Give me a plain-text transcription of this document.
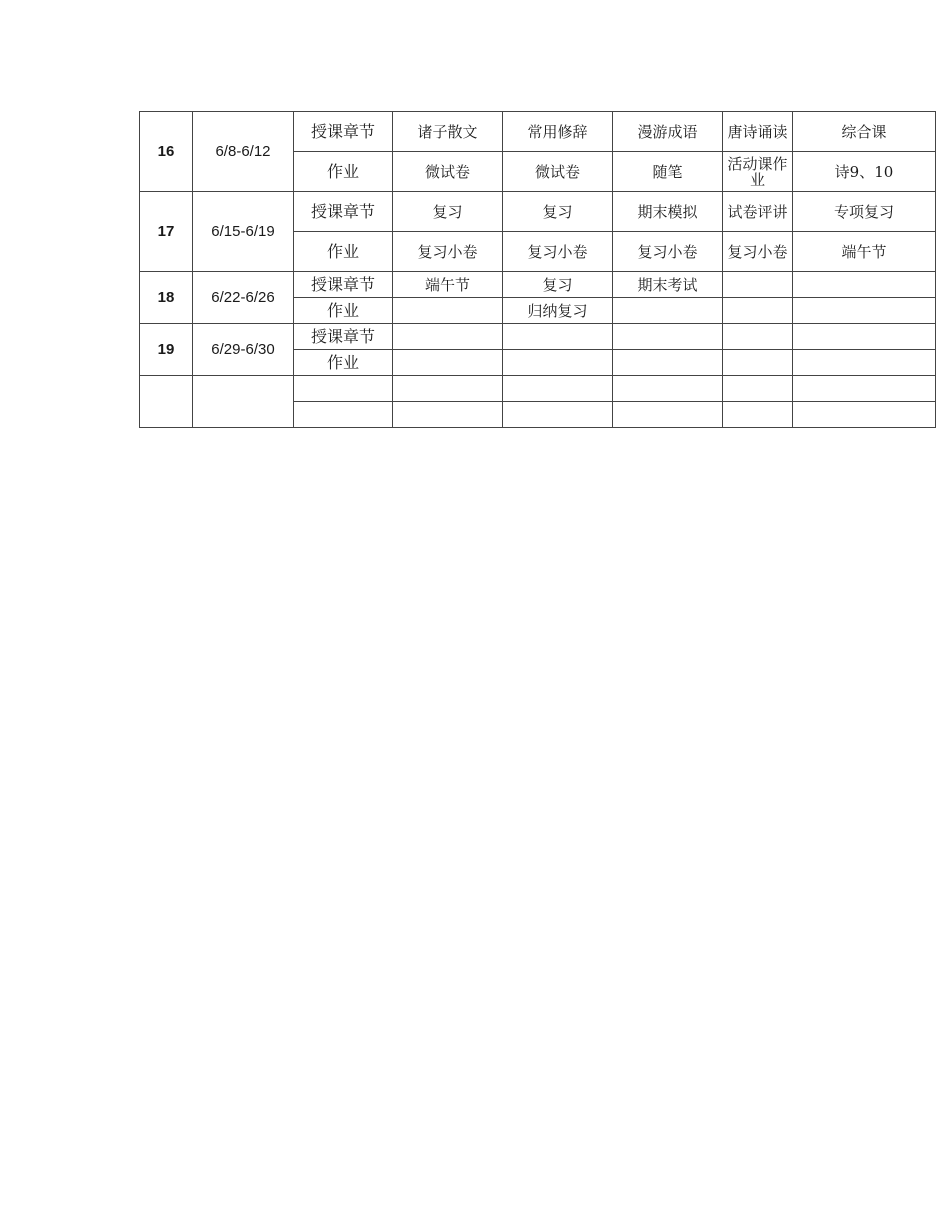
16	6/8-6/12	授课章节	诸子散文	常用修辞	漫游成语	唐诗诵读	综合课
		作业	微试卷	微试卷	随笔	活动课作业	诗9、10
17	6/15-6/19	授课章节	复习	复习	期末模拟	试卷评讲	专项复习
		作业	复习小卷	复习小卷	复习小卷	复习小卷	端午节
18	6/22-6/26	授课章节	端午节	复习	期末考试		
		作业		归纳复习			
19	6/29-6/30	授课章节					
		作业					
